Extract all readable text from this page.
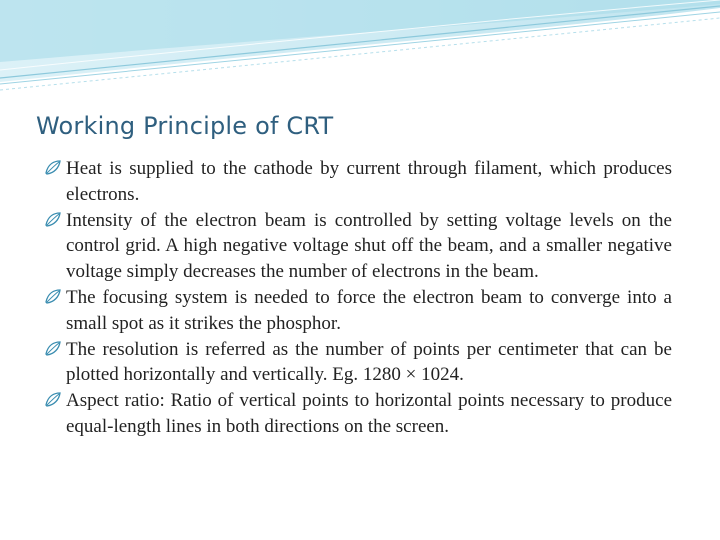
Working Principle of CRT

Heat is supplied to the cathode by current through filament, which produces electrons.

Intensity of the electron beam is controlled by setting voltage levels on the control grid. A high negative voltage shut off the beam, and a smaller negative voltage simply decreases the number of electrons in the beam.

The focusing system is needed to force the electron beam to converge into a small spot as it strikes the phosphor.

The resolution is referred as the number of points per centimeter that can be plotted horizontally and vertically. Eg. 1280 × 1024.

Aspect ratio: Ratio of vertical points to horizontal points necessary to produce equal-length lines in both directions on the screen.
